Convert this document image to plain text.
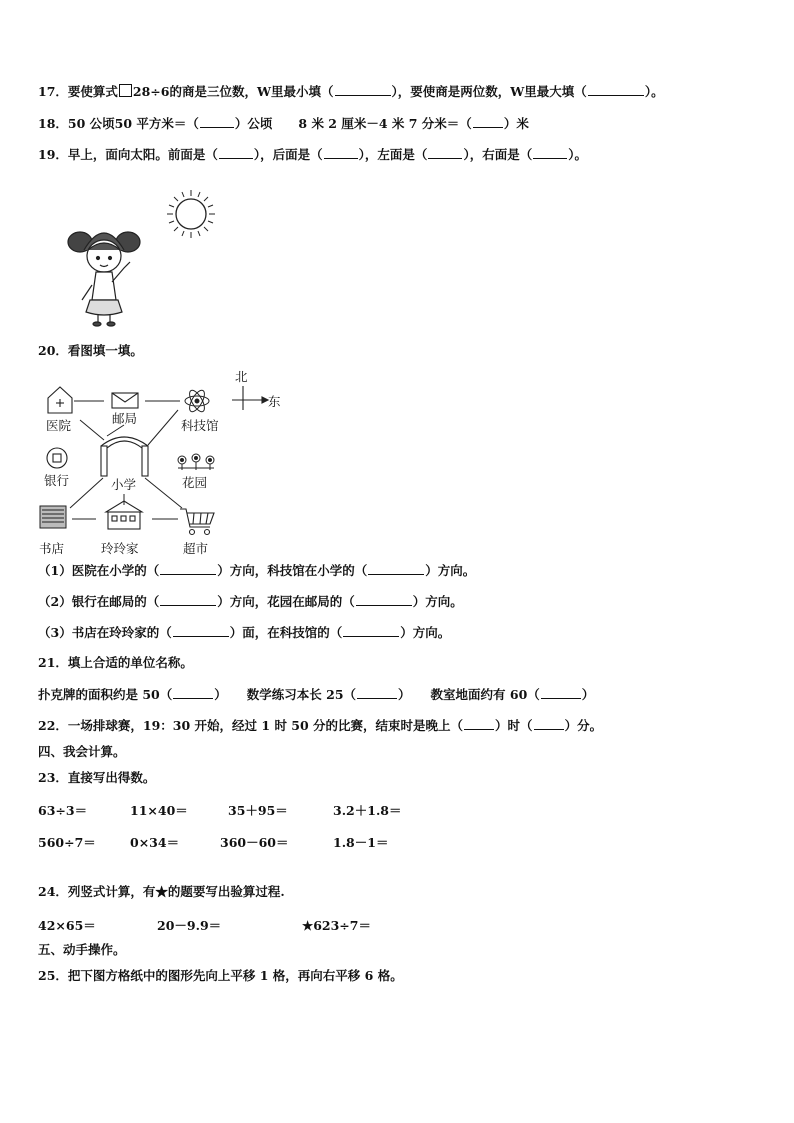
17．要使算式 28÷6的商是三位数，W里最小填（	），要使商是两位数，W里最大填（	）。
18．50 公顷50 平方米＝（	）公顷 8 米 2 厘米－4 米 7 分米＝（	）米
19．早上，面向太阳。前面是（	），后面是（	），左面是（	），右面是（	）。
20．看图填一填。
北
东
医院	邮局	科技馆
银行	花园
小学
书店	玲玲家	超市
（1）医院在小学的（	）方向，科技馆在小学的（	）方向。
（2）银行在邮局的（	）方向，花园在邮局的（	）方向。
（3）书店在玲玲家的（	）面，在科技馆的（	）方向。
21．填上合适的单位名称。
扑克牌的面积约是 50（	） 数学练习本长 25（	） 教室地面约有 60（	）
22．一场排球赛，19：30 开始，经过 1 时 50 分的比赛，结束时是晚上（	）时（	）分。
四、我会计算。
23．直接写出得数。
63÷3＝	11×40＝	35＋95＝	3.2＋1.8＝
560÷7＝	0×34＝	360－60＝	1.8－1＝
24．列竖式计算，有★的题要写出验算过程.
42×65＝	20－9.9＝	★623÷7＝
五、动手操作。
25．把下图方格纸中的图形先向上平移 1 格，再向右平移 6 格。
